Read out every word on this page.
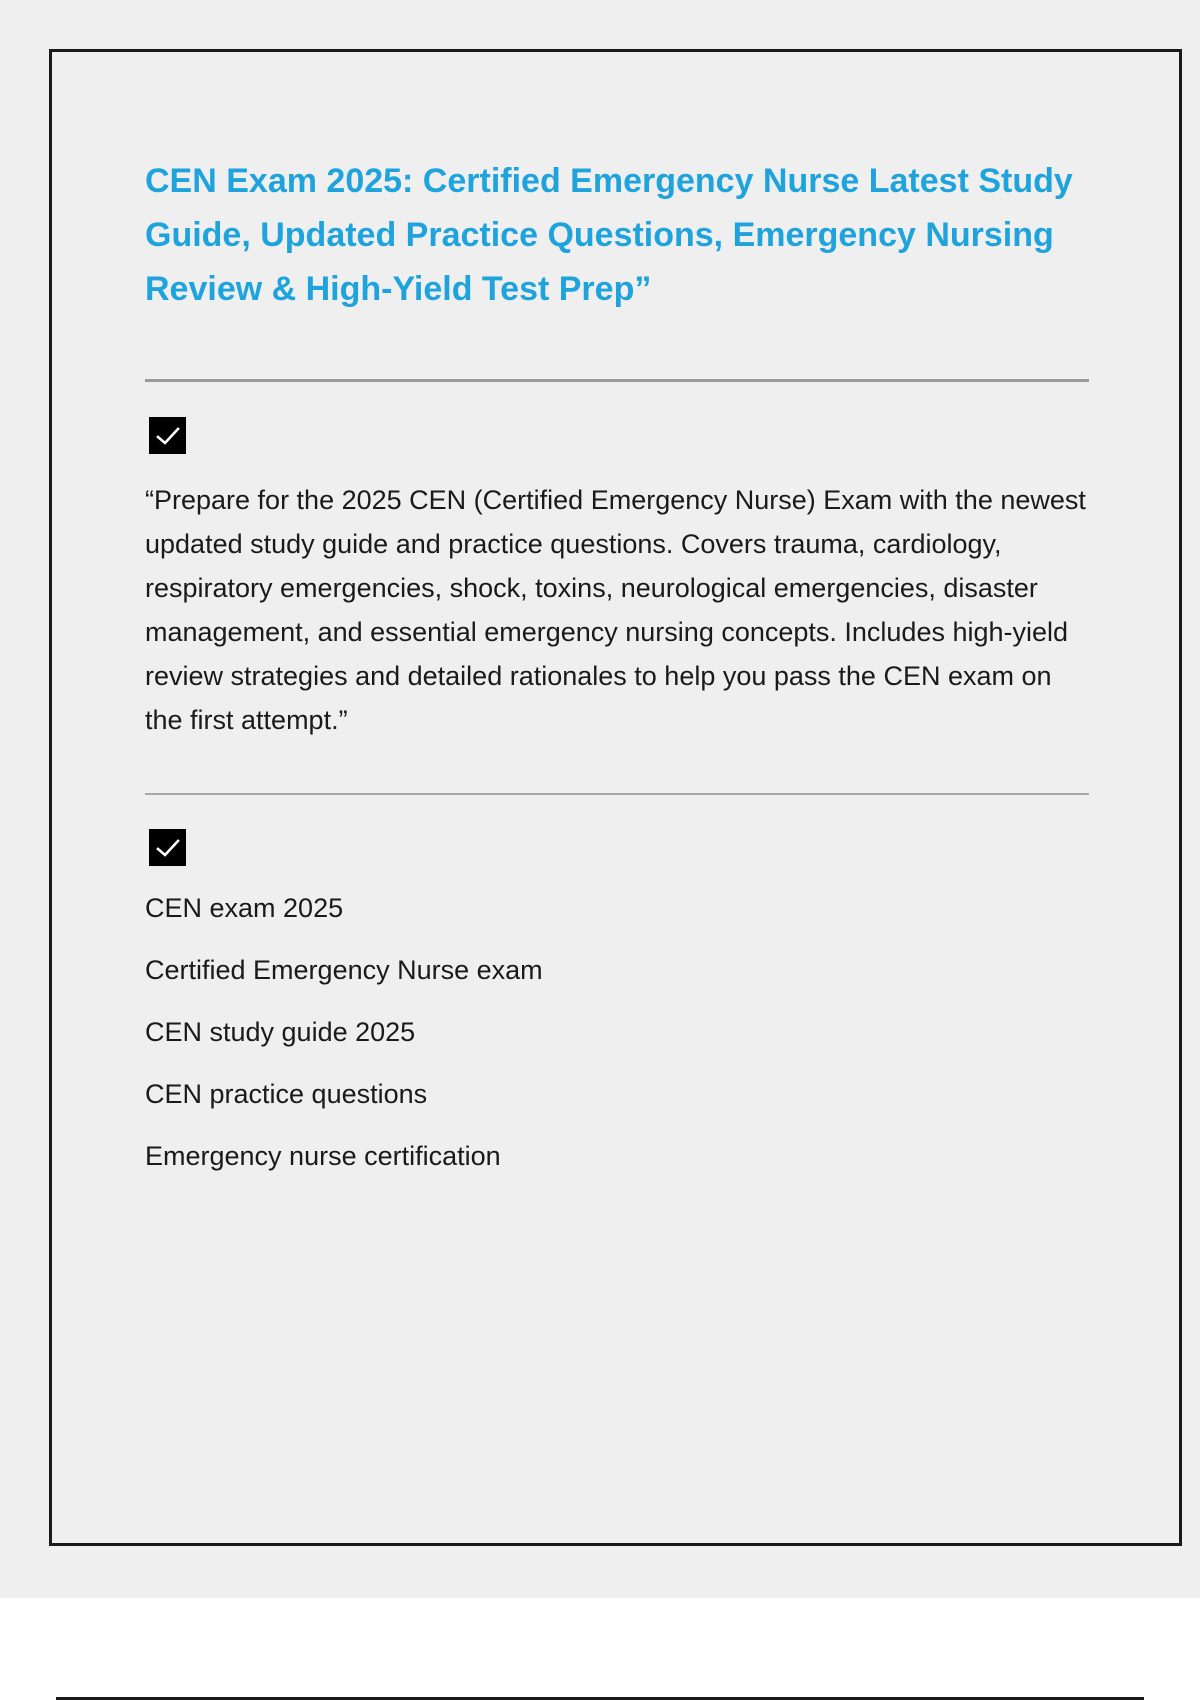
CEN Exam 2025: Certified Emergency Nurse Latest Study Guide, Updated Practice Questions, Emergency Nursing Review & High-Yield Test Prep”

“Prepare for the 2025 CEN (Certified Emergency Nurse) Exam with the newest updated study guide and practice questions. Covers trauma, cardiology, respiratory emergencies, shock, toxins, neurological emergencies, disaster management, and essential emergency nursing concepts. Includes high-yield review strategies and detailed rationales to help you pass the CEN exam on the first attempt.”

CEN exam 2025
Certified Emergency Nurse exam
CEN study guide 2025
CEN practice questions
Emergency nurse certification
